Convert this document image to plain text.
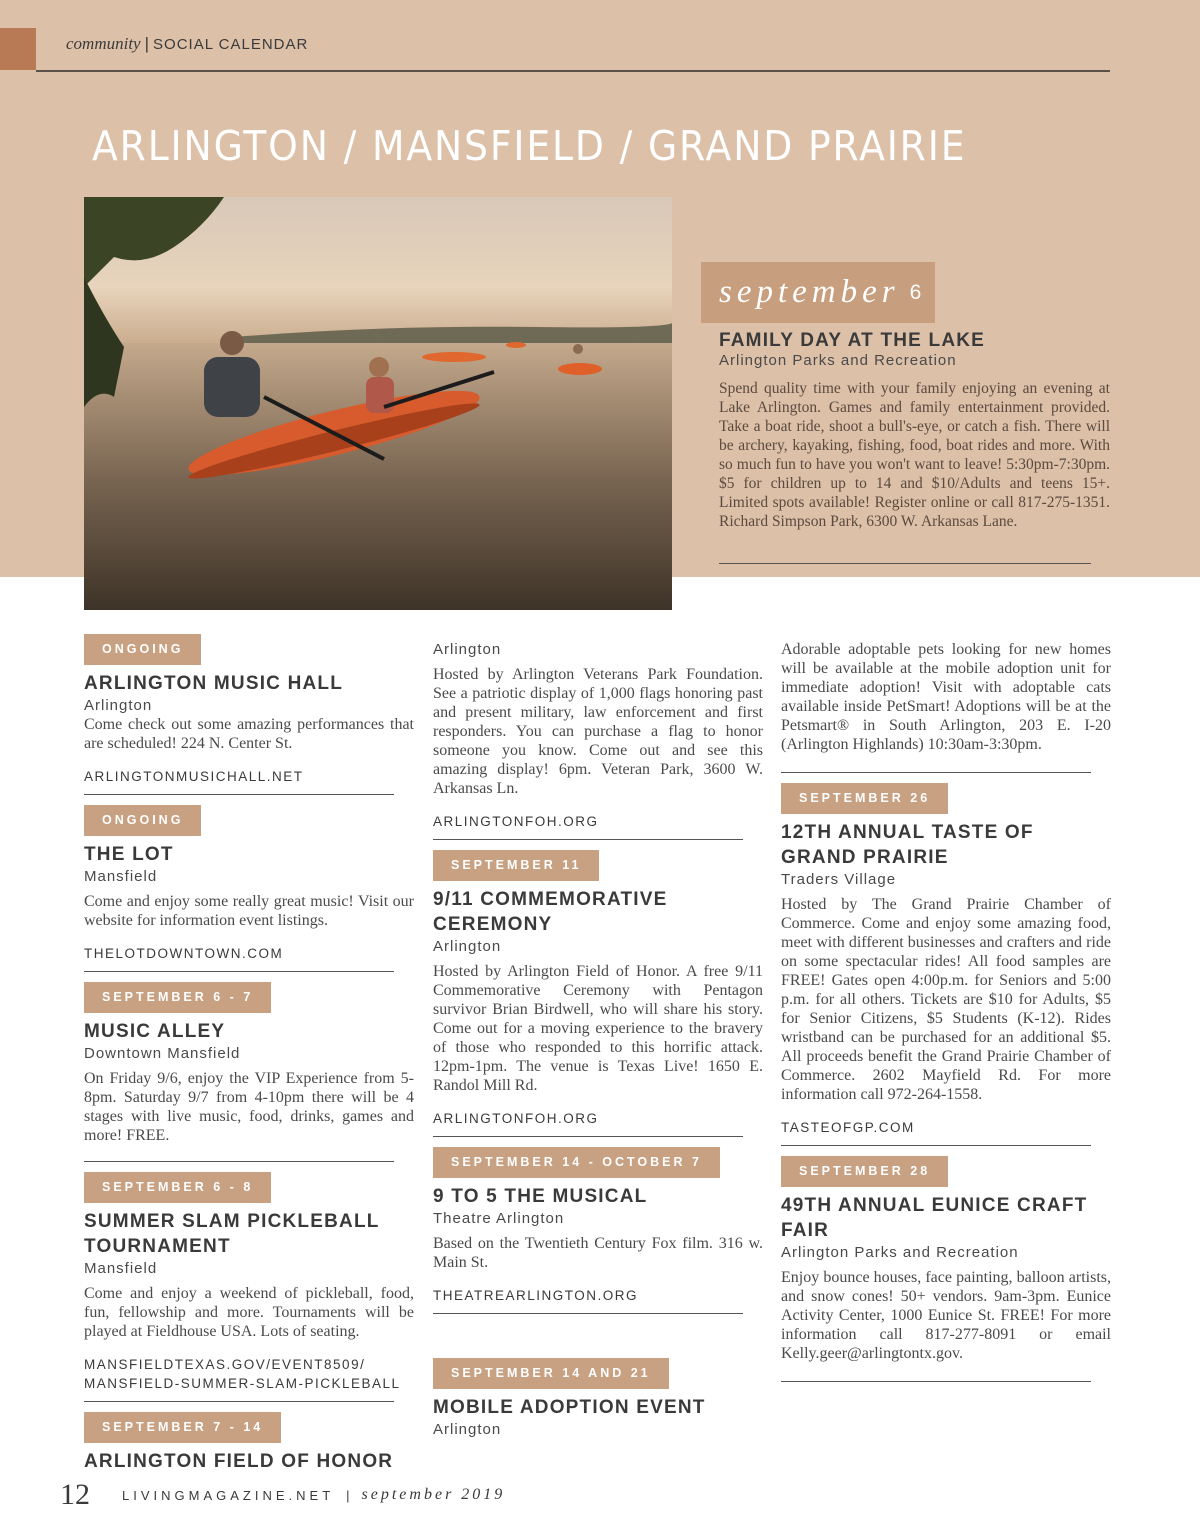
community | SOCIAL CALENDAR
ARLINGTON / MANSFIELD / GRAND PRAIRIE
september 6
FAMILY DAY AT THE LAKE
Arlington Parks and Recreation

Spend quality time with your family enjoying an evening at Lake Arlington. Games and family entertainment provided. Take a boat ride, shoot a bull's-eye, or catch a fish. There will be archery, kayaking, fishing, food, boat rides and more. With so much fun to have you won't want to leave! 5:30pm-7:30pm. $5 for children up to 14 and $10/Adults and teens 15+. Limited spots available! Register online or call 817-275-1351. Richard Simpson Park, 6300 W. Arkansas Lane.

ONGOING
ARLINGTON MUSIC HALL
Arlington

Come check out some amazing performances that are scheduled! 224 N. Center St.

ARLINGTONMUSICHALL.NET
ONGOING
THE LOT
Mansfield

Come and enjoy some really great music! Visit our website for information event listings.

THELOTDOWNTOWN.COM
SEPTEMBER 6 - 7
MUSIC ALLEY
Downtown Mansfield

On Friday 9/6, enjoy the VIP Experience from 5-8pm. Saturday 9/7 from 4-10pm there will be 4 stages with live music, food, drinks, games and more! FREE.

SEPTEMBER 6 - 8
SUMMER SLAM PICKLEBALL TOURNAMENT
Mansfield

Come and enjoy a weekend of pickleball, food, fun, fellowship and more. Tournaments will be played at Fieldhouse USA. Lots of seating.

MANSFIELDTEXAS.GOV/EVENT8509/ MANSFIELD-SUMMER-SLAM-PICKLEBALL
SEPTEMBER 7 - 14
ARLINGTON FIELD OF HONOR
Arlington

Hosted by Arlington Veterans Park Foundation. See a patriotic display of 1,000 flags honoring past and present military, law enforcement and first responders. You can purchase a flag to honor someone you know. Come out and see this amazing display! 6pm. Veteran Park, 3600 W. Arkansas Ln.

ARLINGTONFOH.ORG
SEPTEMBER 11
9/11 COMMEMORATIVE CEREMONY
Arlington

Hosted by Arlington Field of Honor. A free 9/11 Commemorative Ceremony with Pentagon survivor Brian Birdwell, who will share his story. Come out for a moving experience to the bravery of those who responded to this horrific attack. 12pm-1pm. The venue is Texas Live! 1650 E. Randol Mill Rd.

ARLINGTONFOH.ORG
SEPTEMBER 14 - OCTOBER 7
9 TO 5 THE MUSICAL
Theatre Arlington

Based on the Twentieth Century Fox film. 316 w. Main St.

THEATREARLINGTON.ORG
SEPTEMBER 14 AND 21
MOBILE ADOPTION EVENT
Arlington

Adorable adoptable pets looking for new homes will be available at the mobile adoption unit for immediate adoption! Visit with adoptable cats available inside PetSmart! Adoptions will be at the Petsmart® in South Arlington, 203 E. I-20 (Arlington Highlands) 10:30am-3:30pm.

SEPTEMBER 26
12TH ANNUAL TASTE OF GRAND PRAIRIE
Traders Village

Hosted by The Grand Prairie Chamber of Commerce. Come and enjoy some amazing food, meet with different businesses and crafters and ride on some spectacular rides! All food samples are FREE! Gates open 4:00p.m. for Seniors and 5:00 p.m. for all others. Tickets are $10 for Adults, $5 for Senior Citizens, $5 Students (K-12). Rides wristband can be purchased for an additional $5. All proceeds benefit the Grand Prairie Chamber of Commerce. 2602 Mayfield Rd. For more information call 972-264-1558.

TASTEOFGP.COM
SEPTEMBER 28
49TH ANNUAL EUNICE CRAFT FAIR
Arlington Parks and Recreation

Enjoy bounce houses, face painting, balloon artists, and snow cones! 50+ vendors. 9am-3pm. Eunice Activity Center, 1000 Eunice St. FREE! For more information call 817-277-8091 or email Kelly.geer@arlingtontx.gov.

12 LIVINGMAGAZINE.NET | september 2019
